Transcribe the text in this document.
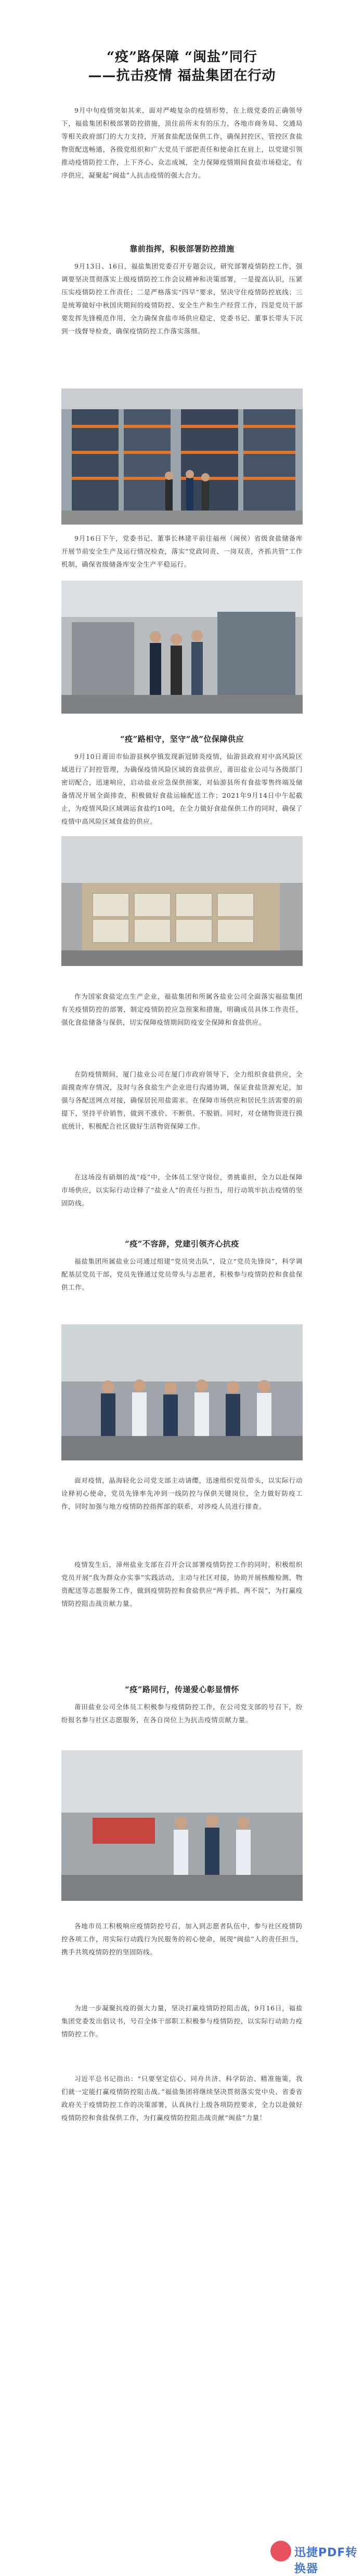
“疫”路保障 “闽盐”同行
——抗击疫情 福盐集团在行动

9月中旬疫情突如其来，面对严峻复杂的疫情形势，在上级党委的正确领导下，福盐集团积极部署防控措施，顶住前所未有的压力，各地市商务局、交通局等相关政府部门的大力支持，开展食盐配送保供工作，确保封控区、管控区食盐物资配送畅通，各级党组织和广大党员干部把责任和使命扛在肩上，以党建引领推动疫情防控工作，上下齐心、众志成城，全力保障疫情期间食盐市场稳定，有序供应，凝聚起“闽盐”人抗击疫情的强大合力。

靠前指挥，积极部署防控措施

9月13日、16日，福盐集团党委召开专题会议，研究部署疫情防控工作，强调要坚决贯彻落实上级疫情防控工作会议精神和决策部署，一是提高认识，压紧压实疫情防控工作责任；二是严格落实“四早”要求，坚决守住疫情防控底线；三是统筹做好中秋国庆期间的疫情防控、安全生产和生产经营工作，四是党员干部要发挥先锋模范作用，全力确保食盐市场供应稳定，党委书记、董事长带头下沉到一线督导检查，确保疫情防控工作落实落细。

9月16日下午，党委书记、董事长林建平前往福州（闽侯）省级食盐储备库开展节前安全生产及运行情况检查，落实“党政同责、一岗双责，齐抓共管”工作机制，确保省级储备库安全生产平稳运行。

“疫”路相守，坚守“战”位保障供应

9月10日莆田市仙游县枫亭镇发现新冠肺炎疫情，仙游县政府对中高风险区域进行了封控管理，为确保疫情风险区域的食盐供应，莆田盐业公司与各级部门密切配合，迅速响应，启动盐业应急保供预案，对仙游县所有食盐零售终端及储备情况开展全面排查，积极做好食盐运输配送工作；2021年9月14日中午起截止，为疫情风险区域调运食盐约10吨，在全力做好食盐保供工作的同时，确保了疫情中高风险区域食盐的供应。

作为国家食盐定点生产企业，福盐集团和所属各盐业公司全面落实福盐集团有关疫情防控的部署，制定疫情防控应急预案和措施，明确成员具体工作责任，强化食盐储备与保供，切实保障疫情期间防疫安全保障和食盐供应。

在防疫情期间，厦门盐业公司在厦门市政府领导下，全力组织食盐供应，全面摸查库存情况，及时与各食盐生产企业进行沟通协调，保证食盐货源充足，加强与各配送网点对接，确保居民用盐需求。在保障市场供应和居民生活需要的前提下，坚持平价销售，做到不涨价、不断供、不脱销。同时，对仓储物资进行摸底统计，积极配合社区做好生活物资保障工作。

在这场没有硝烟的战“疫”中，全体员工坚守岗位，勇挑重担，全力以赴保障市场供应，以实际行动诠释了“盐业人”的责任与担当，用行动筑牢抗击疫情的坚固防线。

“疫”不容辞，党建引领齐心抗疫

福盐集团所属盐业公司通过组建“党员突击队”，设立“党员先锋岗”，科学调配基层党员干部，党员先锋通过党员带头与志愿者，积极参与疫情防控和食盐保供工作。

面对疫情，晶海轻化公司党支部主动请缨，迅速组织党员带头，以实际行动诠释初心使命，党员先锋率先冲到一线防控与保供关键岗位，全力做好防疫工作，同时加强与地方疫情防控指挥部的联系，对涉疫人员进行排查。

疫情发生后，漳州盐业支部在召开会议部署疫情防控工作的同时，积极组织党员开展“我为群众办实事”实践活动，主动与社区对接，协助开展核酸检测、物资配送等志愿服务工作，做到疫情防控和食盐供应“两手抓、两不误”，为打赢疫情防控阻击战贡献力量。

“疫”路同行，传递爱心彰显情怀

莆田盐业公司全体员工积极参与疫情防控工作，在公司党支部的号召下，纷纷报名参与社区志愿服务，在各自岗位上为抗击疫情贡献力量。

各地市员工积极响应疫情防控号召，加入到志愿者队伍中，参与社区疫情防控各项工作，用实际行动践行为民服务的初心使命，展现“闽盐”人的责任担当，携手共筑疫情防控的坚固防线。

为进一步凝聚抗疫的强大力量，坚决打赢疫情防控阻击战，9月16日，福盐集团党委发出倡议书，号召全体干部职工积极参与疫情防控，以实际行动助力疫情防控工作。

习近平总书记指出：“只要坚定信心、同舟共济、科学防治、精准施策，我们就一定能打赢疫情防控阻击战。”福盐集团将继续坚决贯彻落实党中央、省委省政府关于疫情防控工作的决策部署，认真执行上级各项防控要求，全力以赴做好疫情防控和食盐保供工作，为打赢疫情防控阻击战贡献“闽盐”力量！

迅捷PDF转换器
